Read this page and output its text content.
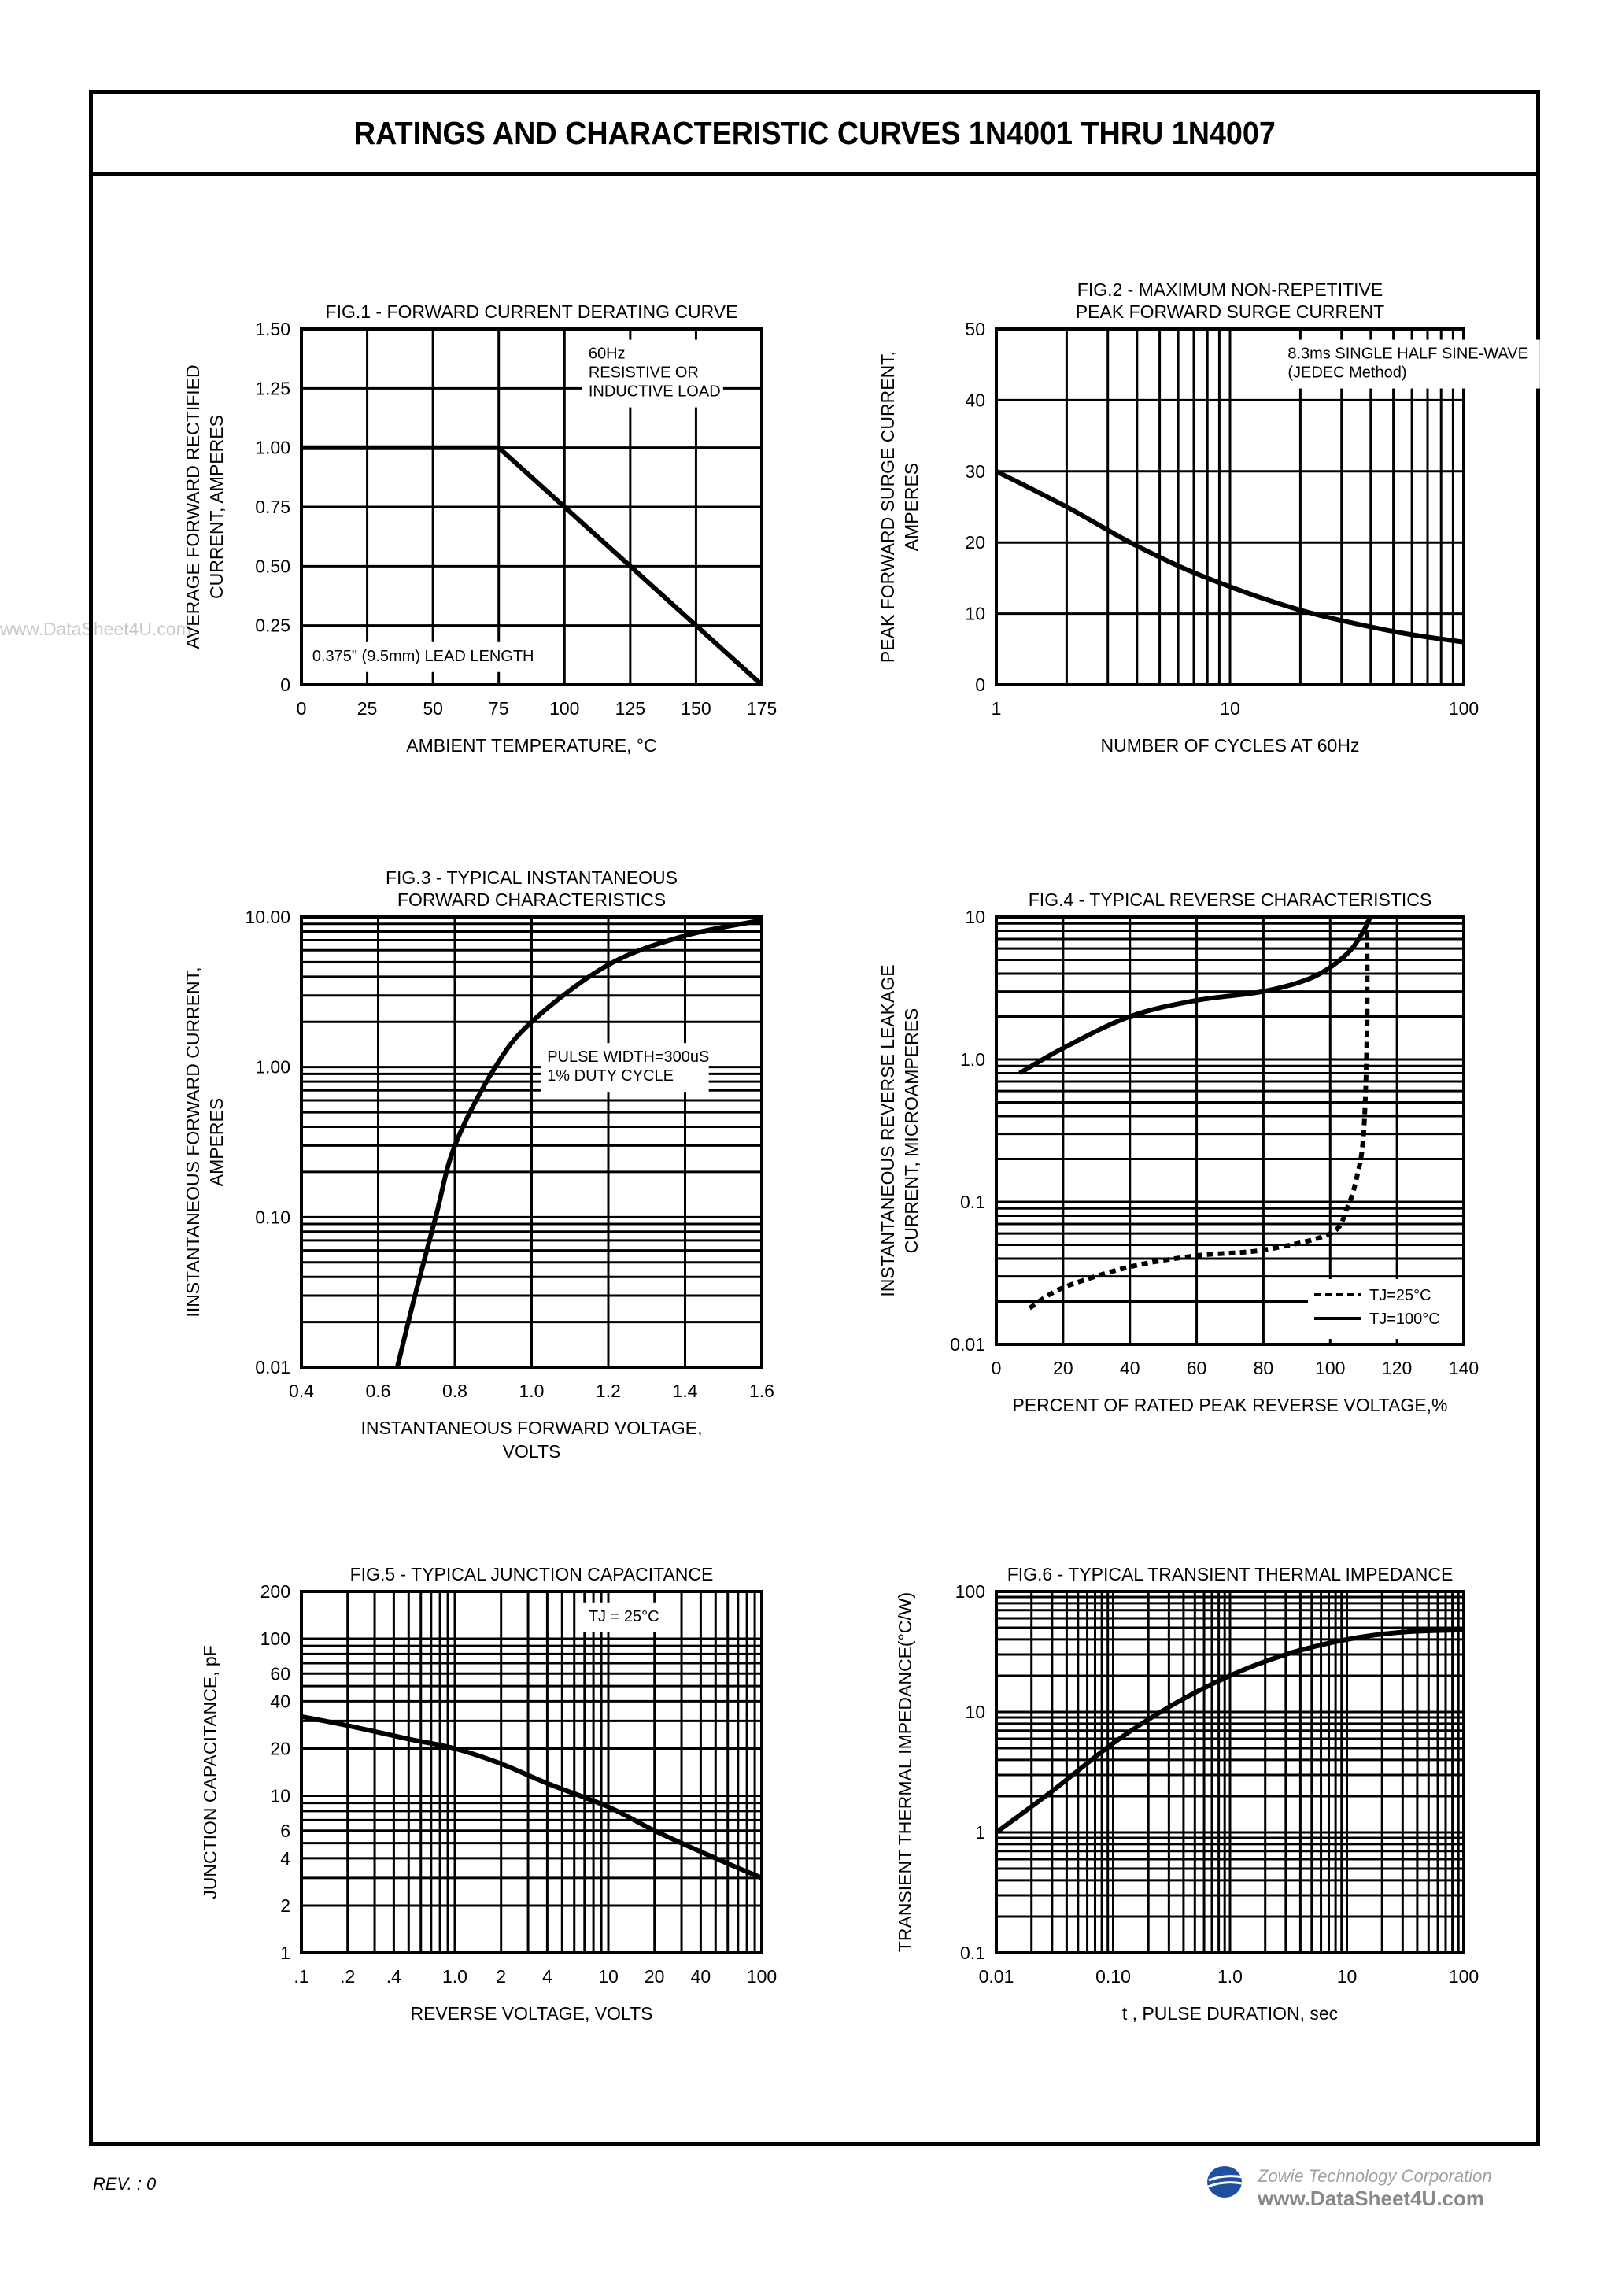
www.DataSheet4U.com
RATINGS AND CHARACTERISTIC CURVES 1N4001 THRU 1N4007
FIG.1 - FORWARD CURRENT DERATING CURVE
0	25	50	75 100 125 150 175
0
0.25
0.50
0.75
1.00
1.25
1.50
AMBIENT TEMPERATURE, °C
AVERAGE FORWARD RECTIFIED CURRENT, AMPERES
60Hz
RESISTIVE OR
INDUCTIVE LOAD
0.375" (9.5mm) LEAD LENGTH
FIG.2 - MAXIMUM NON-REPETITIVE
PEAK FORWARD SURGE CURRENT
1	10	100
0
10
20
30
40
50
NUMBER OF CYCLES AT 60Hz
PEAK FORWARD SURGE CURRENT, AMPERES
8.3ms SINGLE HALF SINE-WAVE
(JEDEC Method)
FIG.3 - TYPICAL INSTANTANEOUS
FORWARD CHARACTERISTICS
0.4	0.6	0.8	1.0	1.2	1.4	1.6
0.01
0.10
1.00
10.00
INSTANTANEOUS FORWARD VOLTAGE,
VOLTS
IINSTANTANEOUS FORWARD CURRENT, AMPERES
PULSE WIDTH=300uS
1% DUTY CYCLE
FIG.4 - TYPICAL REVERSE CHARACTERISTICS
0	20	40	60	80 100 120 140
0.01
0.1
1.0
10
PERCENT OF RATED PEAK REVERSE VOLTAGE,%
INSTANTANEOUS REVERSE LEAKAGE CURRENT, MICROAMPERES
TJ=25°C
TJ=100°C
FIG.5 - TYPICAL JUNCTION CAPACITANCE
.1 .2 .4 1.0 2 4	10 20 40 100
1
2
4
6
10
20
40
60
100
200
REVERSE VOLTAGE, VOLTS
JUNCTION CAPACITANCE, pF
TJ = 25°C
FIG.6 - TYPICAL TRANSIENT THERMAL IMPEDANCE
0.01	0.10	1.0	10	100
0.1
1
10
100
t , PULSE DURATION, sec
TRANSIENT THERMAL IMPEDANCE(°C/W)
REV. : 0	Zowie Technology Corporation
www.DataSheet4U.com
